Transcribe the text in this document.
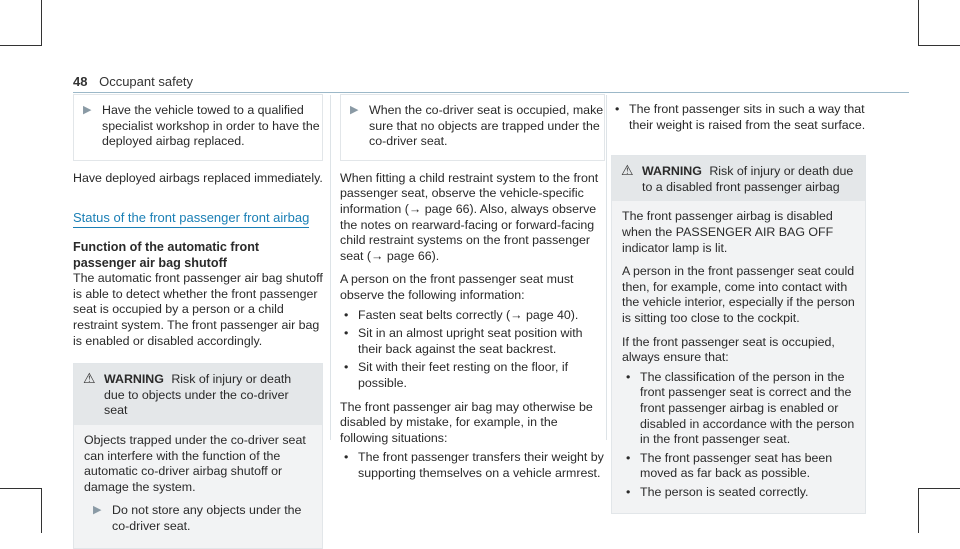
48 Occupant safety
▶ Have the vehicle towed to a qualified specialist workshop in order to have the deployed airbag replaced.

Have deployed airbags replaced immediately.

Status of the front passenger front airbag

Function of the automatic front passenger air bag shutoff

The automatic front passenger air bag shutoff is able to detect whether the front passenger seat is occupied by a person or a child restraint system. The front passenger air bag is enabled or disabled accordingly.

⚠ WARNING Risk of injury or death due to objects under the co-driver seat

Objects trapped under the co-driver seat can interfere with the function of the automatic co-driver airbag shutoff or damage the system.

▶ Do not store any objects under the co-driver seat.

▶ When the co-driver seat is occupied, make sure that no objects are trapped under the co-driver seat.

When fitting a child restraint system to the front passenger seat, observe the vehicle-specific information (→ page 66). Also, always observe the notes on rearward-facing or forward-facing child restraint systems on the front passenger seat (→ page 66).

A person on the front passenger seat must observe the following information:

• Fasten seat belts correctly (→ page 40).
• Sit in an almost upright seat position with their back against the seat backrest.
• Sit with their feet resting on the floor, if possible.

The front passenger air bag may otherwise be disabled by mistake, for example, in the following situations:

• The front passenger transfers their weight by supporting themselves on a vehicle armrest.
• The front passenger sits in such a way that their weight is raised from the seat surface.
⚠ WARNING Risk of injury or death due to a disabled front passenger airbag

The front passenger airbag is disabled when the PASSENGER AIR BAG OFF indicator lamp is lit.

A person in the front passenger seat could then, for example, come into contact with the vehicle interior, especially if the person is sitting too close to the cockpit.

If the front passenger seat is occupied, always ensure that:

• The classification of the person in the front passenger seat is correct and the front passenger airbag is enabled or disabled in accordance with the person in the front passenger seat.
• The front passenger seat has been moved as far back as possible.
• The person is seated correctly.
